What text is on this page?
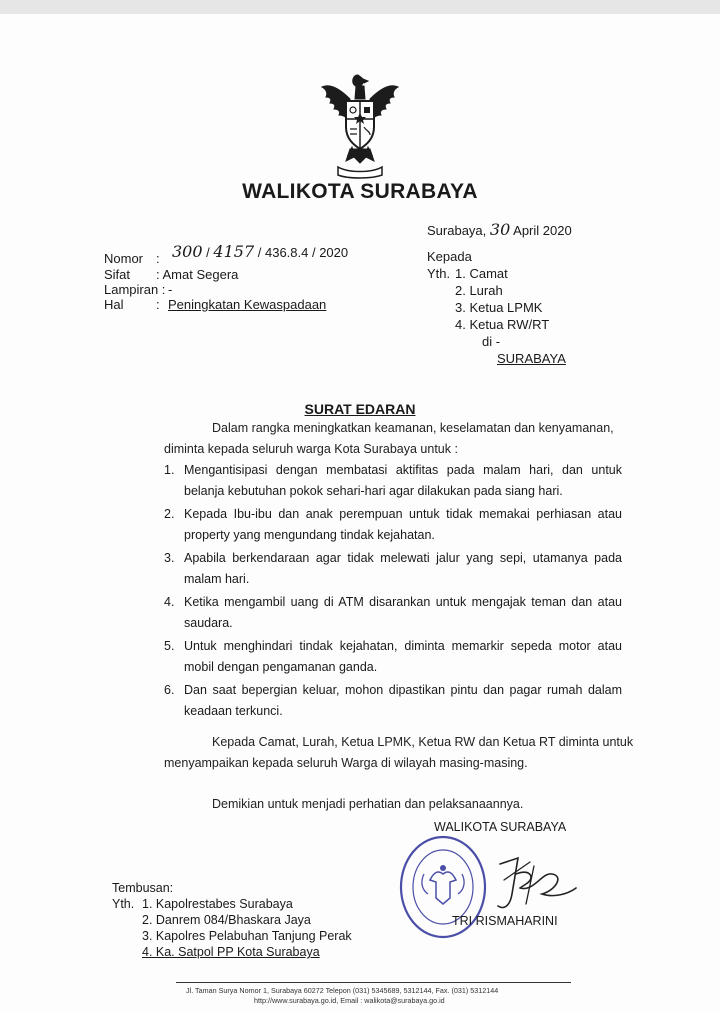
WALIKOTA SURABAYA
Surabaya, 30 April 2020
Nomor : 300 / 4157 / 436.8.4 / 2020
Sifat : Amat Segera
Lampiran : -
Hal : Peningkatan Kewaspadaan
Kepada
Yth. 1. Camat
2. Lurah
3. Ketua LPMK
4. Ketua RW/RT
di -
SURABAYA
SURAT EDARAN
Dalam rangka meningkatkan keamanan, keselamatan dan kenyamanan,
diminta kepada seluruh warga Kota Surabaya untuk :
1. Mengantisipasi dengan membatasi aktifitas pada malam hari, dan untuk belanja kebutuhan pokok sehari-hari agar dilakukan pada siang hari.
2. Kepada Ibu-ibu dan anak perempuan untuk tidak memakai perhiasan atau property yang mengundang tindak kejahatan.
3. Apabila berkendaraan agar tidak melewati jalur yang sepi, utamanya pada malam hari.
4. Ketika mengambil uang di ATM disarankan untuk mengajak teman dan atau saudara.
5. Untuk menghindari tindak kejahatan, diminta memarkir sepeda motor atau mobil dengan pengamanan ganda.
6. Dan saat bepergian keluar, mohon dipastikan pintu dan pagar rumah dalam keadaan terkunci.
Kepada Camat, Lurah, Ketua LPMK, Ketua RW dan Ketua RT diminta untuk
menyampaikan kepada seluruh Warga di wilayah masing-masing.
Demikian untuk menjadi perhatian dan pelaksanaannya.
WALIKOTA SURABAYA
TRI RISMAHARINI
Tembusan:
Yth. 1. Kapolrestabes Surabaya
2. Danrem 084/Bhaskara Jaya
3. Kapolres Pelabuhan Tanjung Perak
4. Ka. Satpol PP Kota Surabaya
Jl. Taman Surya Nomor 1, Surabaya 60272 Telepon (031) 5345689, 5312144, Fax. (031) 5312144
http://www.surabaya.go.id, Email : walikota@surabaya.go.id
